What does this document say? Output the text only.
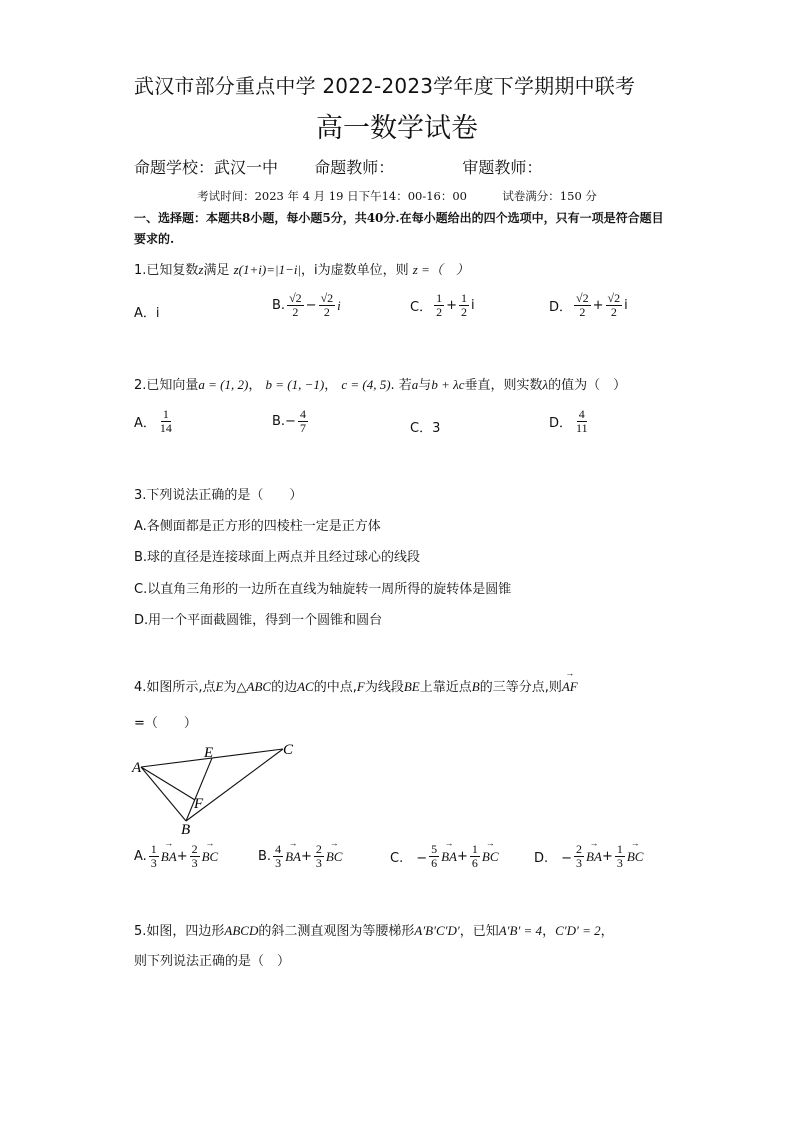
武汉市部分重点中学 2022-2023学年度下学期期中联考
高一数学试卷
命题学校：武汉一中 命题教师：	审题教师：
考试时间：2023 年 4 月 19 日下午14：00-16：00	试卷满分：150 分
一、选择题：本题共8小题，每小题5分，共40分.在每小题给出的四个选项中，只有一项是符合题目要求的.
1.已知复数z满足 z(1+i)=|1−i|，i为虚数单位，则 z =（　）
A．i
B. $\frac{√2}{2} - \frac{√2}{2}$ i	C． $\frac{1}{2} + \frac{1}{2}$ i	D． $\frac{√2}{2} + \frac{√2}{2}$ i
2.已知向量a = (1, 2)， b = (1, −1)， c = (4, 5). 若a与b + λc垂直，则实数λ的值为（　）
A． $\frac{1}{14}$	$B.- \frac{4}{7}$	C．3	D． $\frac{4}{11}$
3.下列说法正确的是（　　）
A.各侧面都是正方形的四棱柱一定是正方体
B.球的直径是连接球面上两点并且经过球心的线段
C.以直角三角形的一边所在直线为轴旋转一周所得的旋转体是圆锥
D.用一个平面截圆锥，得到一个圆锥和圆台
4.如图所示,点E为△ABC的边AC的中点,F为线段BE上靠近点B的三等分点,则→ AF
=（　　）
A
B
C
E
F
A. $\frac{1}{3}$ → BA + $\frac{2}{3}$ → BC	B. $\frac{4}{3}$ → BA + $\frac{2}{3}$ → BC	C.　− $\frac{5}{6}$ → BA + $\frac{1}{6}$ → BC	D.　− $\frac{2}{3}$ → BA + $\frac{1}{3}$ → BC
5.如图，四边形ABCD的斜二测直观图为等腰梯形A′B′C′D′，已知A′B′ = 4，C′D′ = 2，
则下列说法正确的是（　）
